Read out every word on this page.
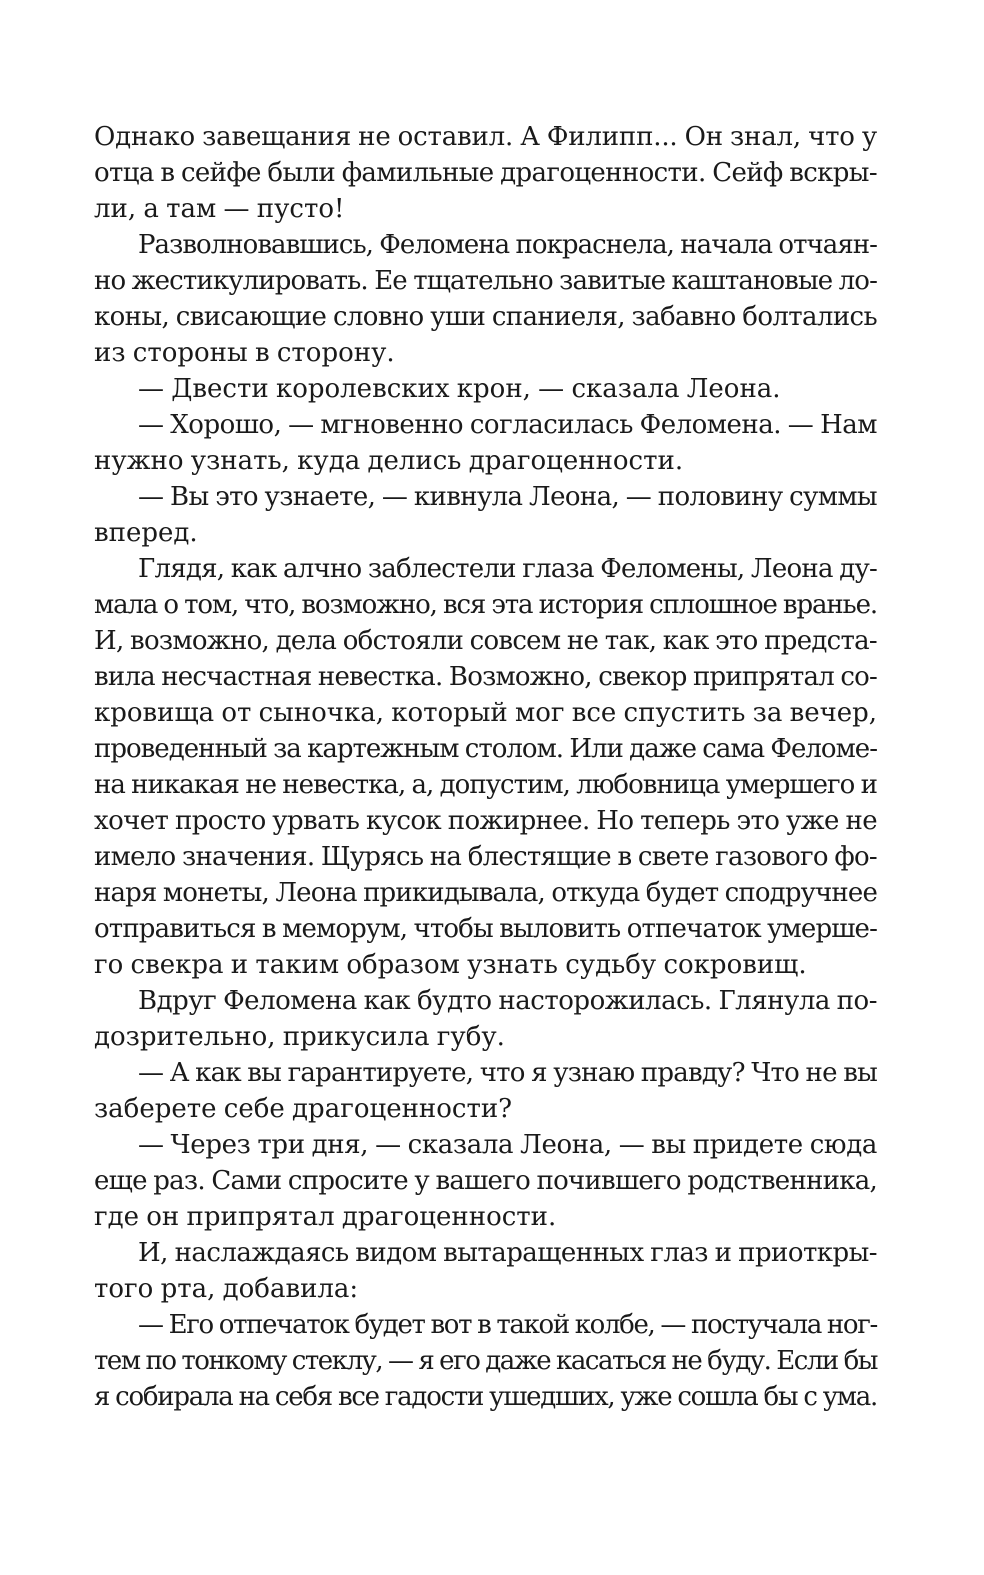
Однако завещания не оставил. А Филипп... Он знал, что у
отца в сейфе были фамильные драгоценности. Сейф вскры-
ли, а там — пусто!
Разволновавшись, Феломена покраснела, начала отчаян-
но жестикулировать. Ее тщательно завитые каштановые ло-
коны, свисающие словно уши спаниеля, забавно болтались
из стороны в сторону.
— Двести королевских крон, — сказала Леона.
— Хорошо, — мгновенно согласилась Феломена. — Нам
нужно узнать, куда делись драгоценности.
— Вы это узнаете, — кивнула Леона, — половину суммы
вперед.
Глядя, как алчно заблестели глаза Феломены, Леона ду-
мала о том, что, возможно, вся эта история сплошное вранье.
И, возможно, дела обстояли совсем не так, как это предста-
вила несчастная невестка. Возможно, свекор припрятал со-
кровища от сыночка, который мог все спустить за вечер,
проведенный за картежным столом. Или даже сама Феломе-
на никакая не невестка, а, допустим, любовница умершего и
хочет просто урвать кусок пожирнее. Но теперь это уже не
имело значения. Щурясь на блестящие в свете газового фо-
наря монеты, Леона прикидывала, откуда будет сподручнее
отправиться в меморум, чтобы выловить отпечаток умерше-
го свекра и таким образом узнать судьбу сокровищ.
Вдруг Феломена как будто насторожилась. Глянула по-
дозрительно, прикусила губу.
— А как вы гарантируете, что я узнаю правду? Что не вы
заберете себе драгоценности?
— Через три дня, — сказала Леона, — вы придете сюда
еще раз. Сами спросите у вашего почившего родственника,
где он припрятал драгоценности.
И, наслаждаясь видом вытаращенных глаз и приоткры-
того рта, добавила:
— Его отпечаток будет вот в такой колбе, — постучала ног-
тем по тонкому стеклу, — я его даже касаться не буду. Если бы
я собирала на себя все гадости ушедших, уже сошла бы с ума.
